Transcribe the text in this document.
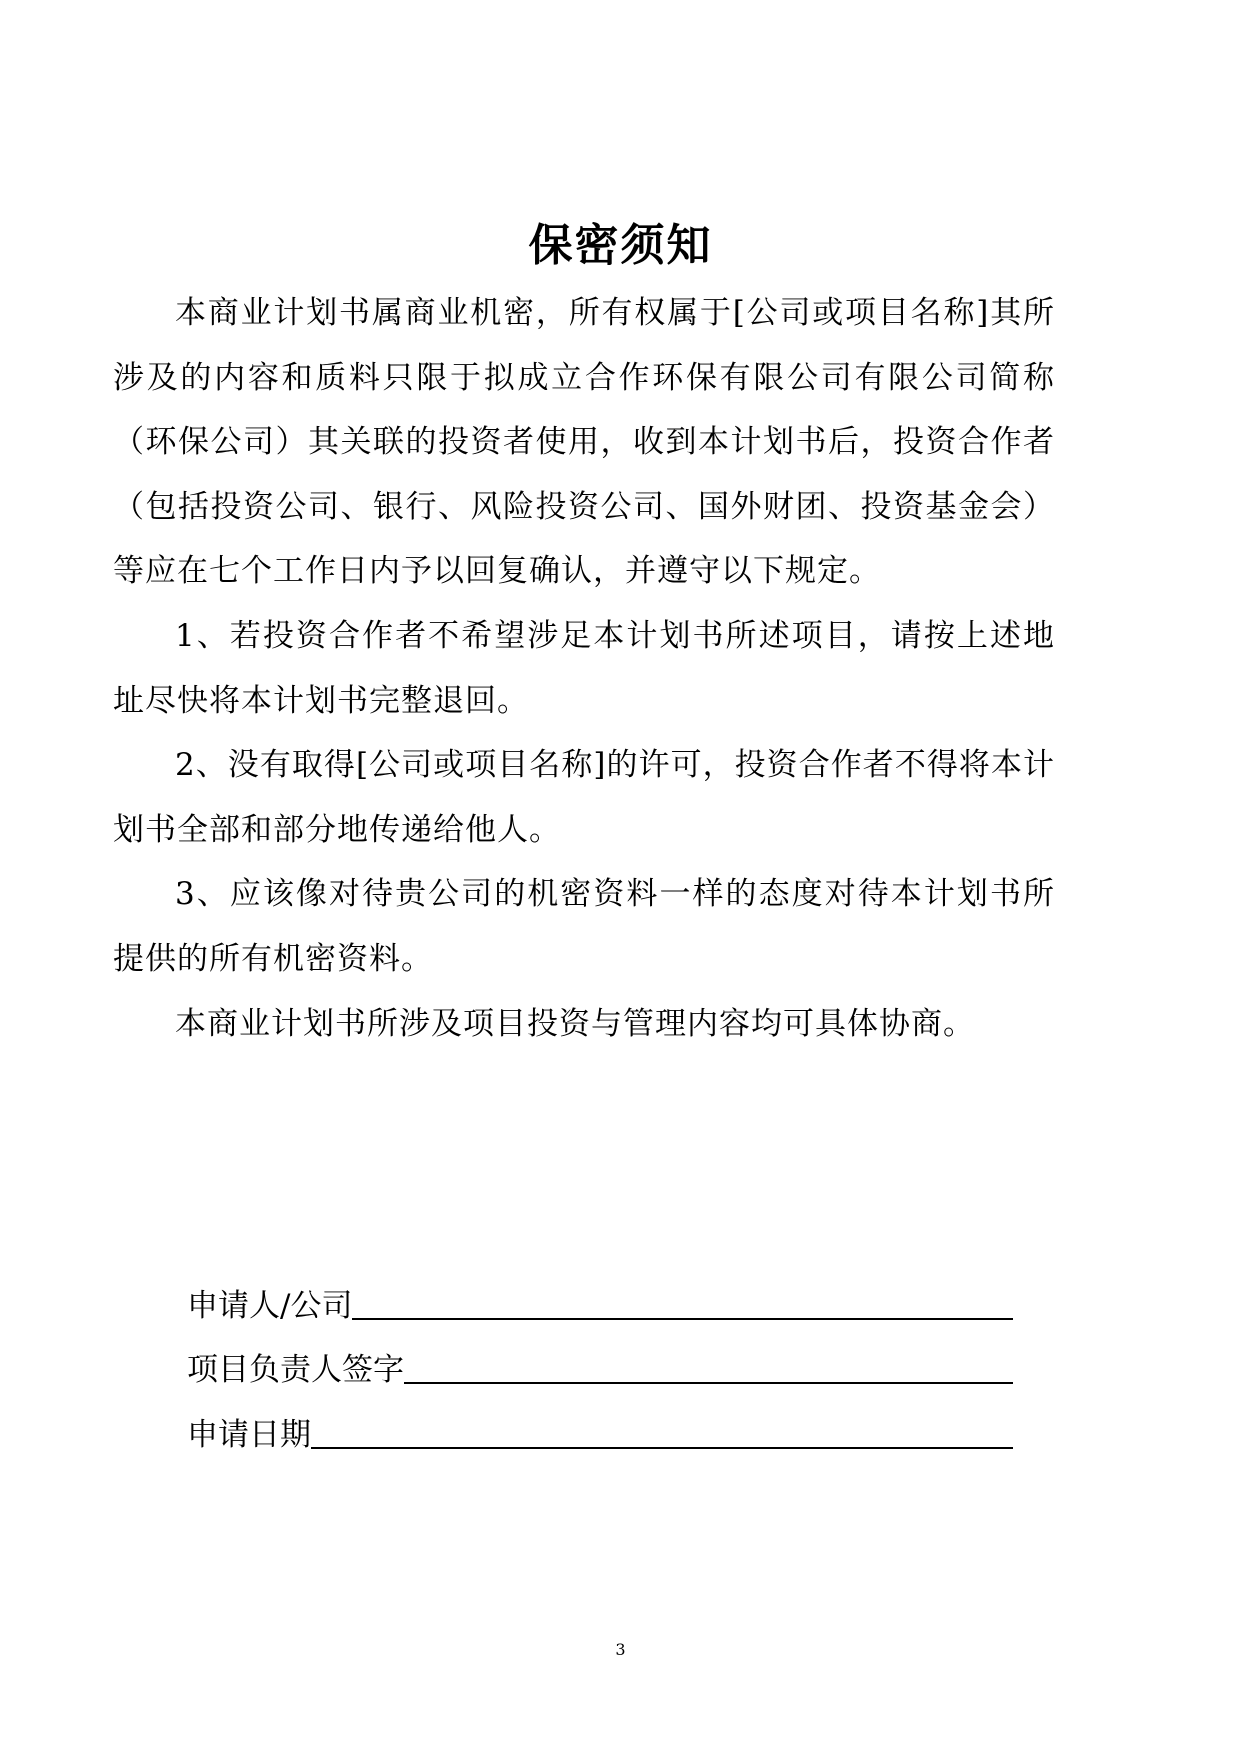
保密须知

本商业计划书属商业机密，所有权属于[公司或项目名称]其所涉及的内容和质料只限于拟成立合作环保有限公司有限公司简称（环保公司）其关联的投资者使用，收到本计划书后，投资合作者（包括投资公司、银行、风险投资公司、国外财团、投资基金会）等应在七个工作日内予以回复确认，并遵守以下规定。

1、若投资合作者不希望涉足本计划书所述项目，请按上述地址尽快将本计划书完整退回。

2、没有取得[公司或项目名称]的许可，投资合作者不得将本计划书全部和部分地传递给他人。

3、应该像对待贵公司的机密资料一样的态度对待本计划书所提供的所有机密资料。

本商业计划书所涉及项目投资与管理内容均可具体协商。

申请人/公司
项目负责人签字
申请日期
3
